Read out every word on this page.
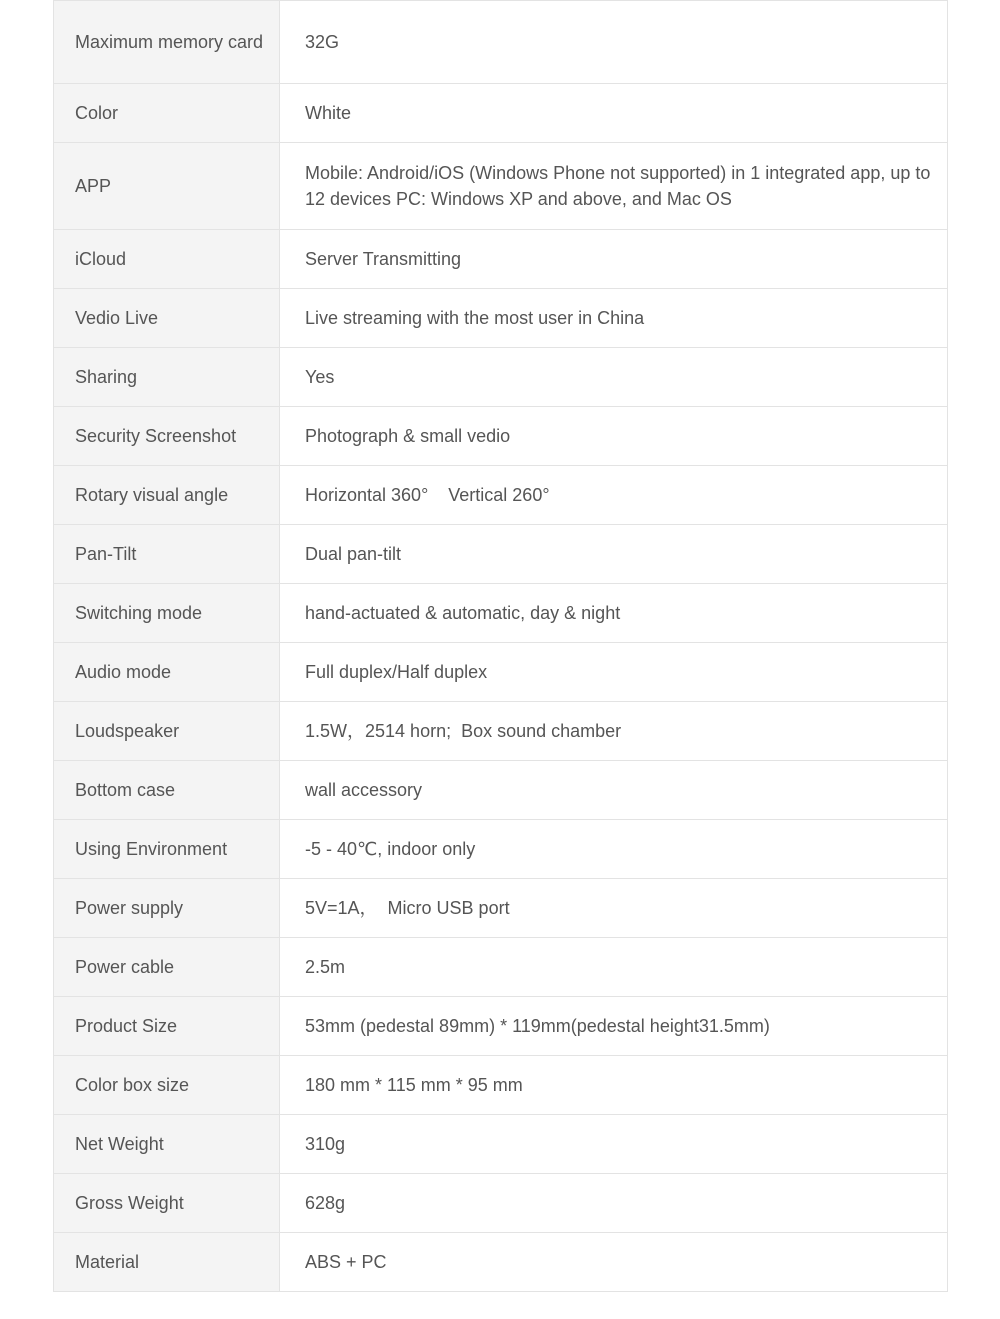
Maximum memory card	32G
Color	White
APP	Mobile: Android/iOS (Windows Phone not supported) in 1 integrated app, up to 12 devices PC: Windows XP and above, and Mac OS
iCloud	Server Transmitting
Vedio Live	Live streaming with the most user in China
Sharing	Yes
Security Screenshot	Photograph & small vedio
Rotary visual angle	Horizontal 360°    Vertical 260°
Pan-Tilt	Dual pan-tilt
Switching mode	hand-actuated & automatic, day & night
Audio mode	Full duplex/Half duplex
Loudspeaker	1.5W，2514 horn;  Box sound chamber
Bottom case	wall accessory
Using Environment	-5 - 40℃, indoor only
Power supply	5V=1A，  Micro USB port
Power cable	2.5m
Product Size	53mm (pedestal 89mm) * 119mm(pedestal height31.5mm)
Color box size	180 mm * 115 mm * 95 mm
Net Weight	310g
Gross Weight	628g
Material	ABS + PC
